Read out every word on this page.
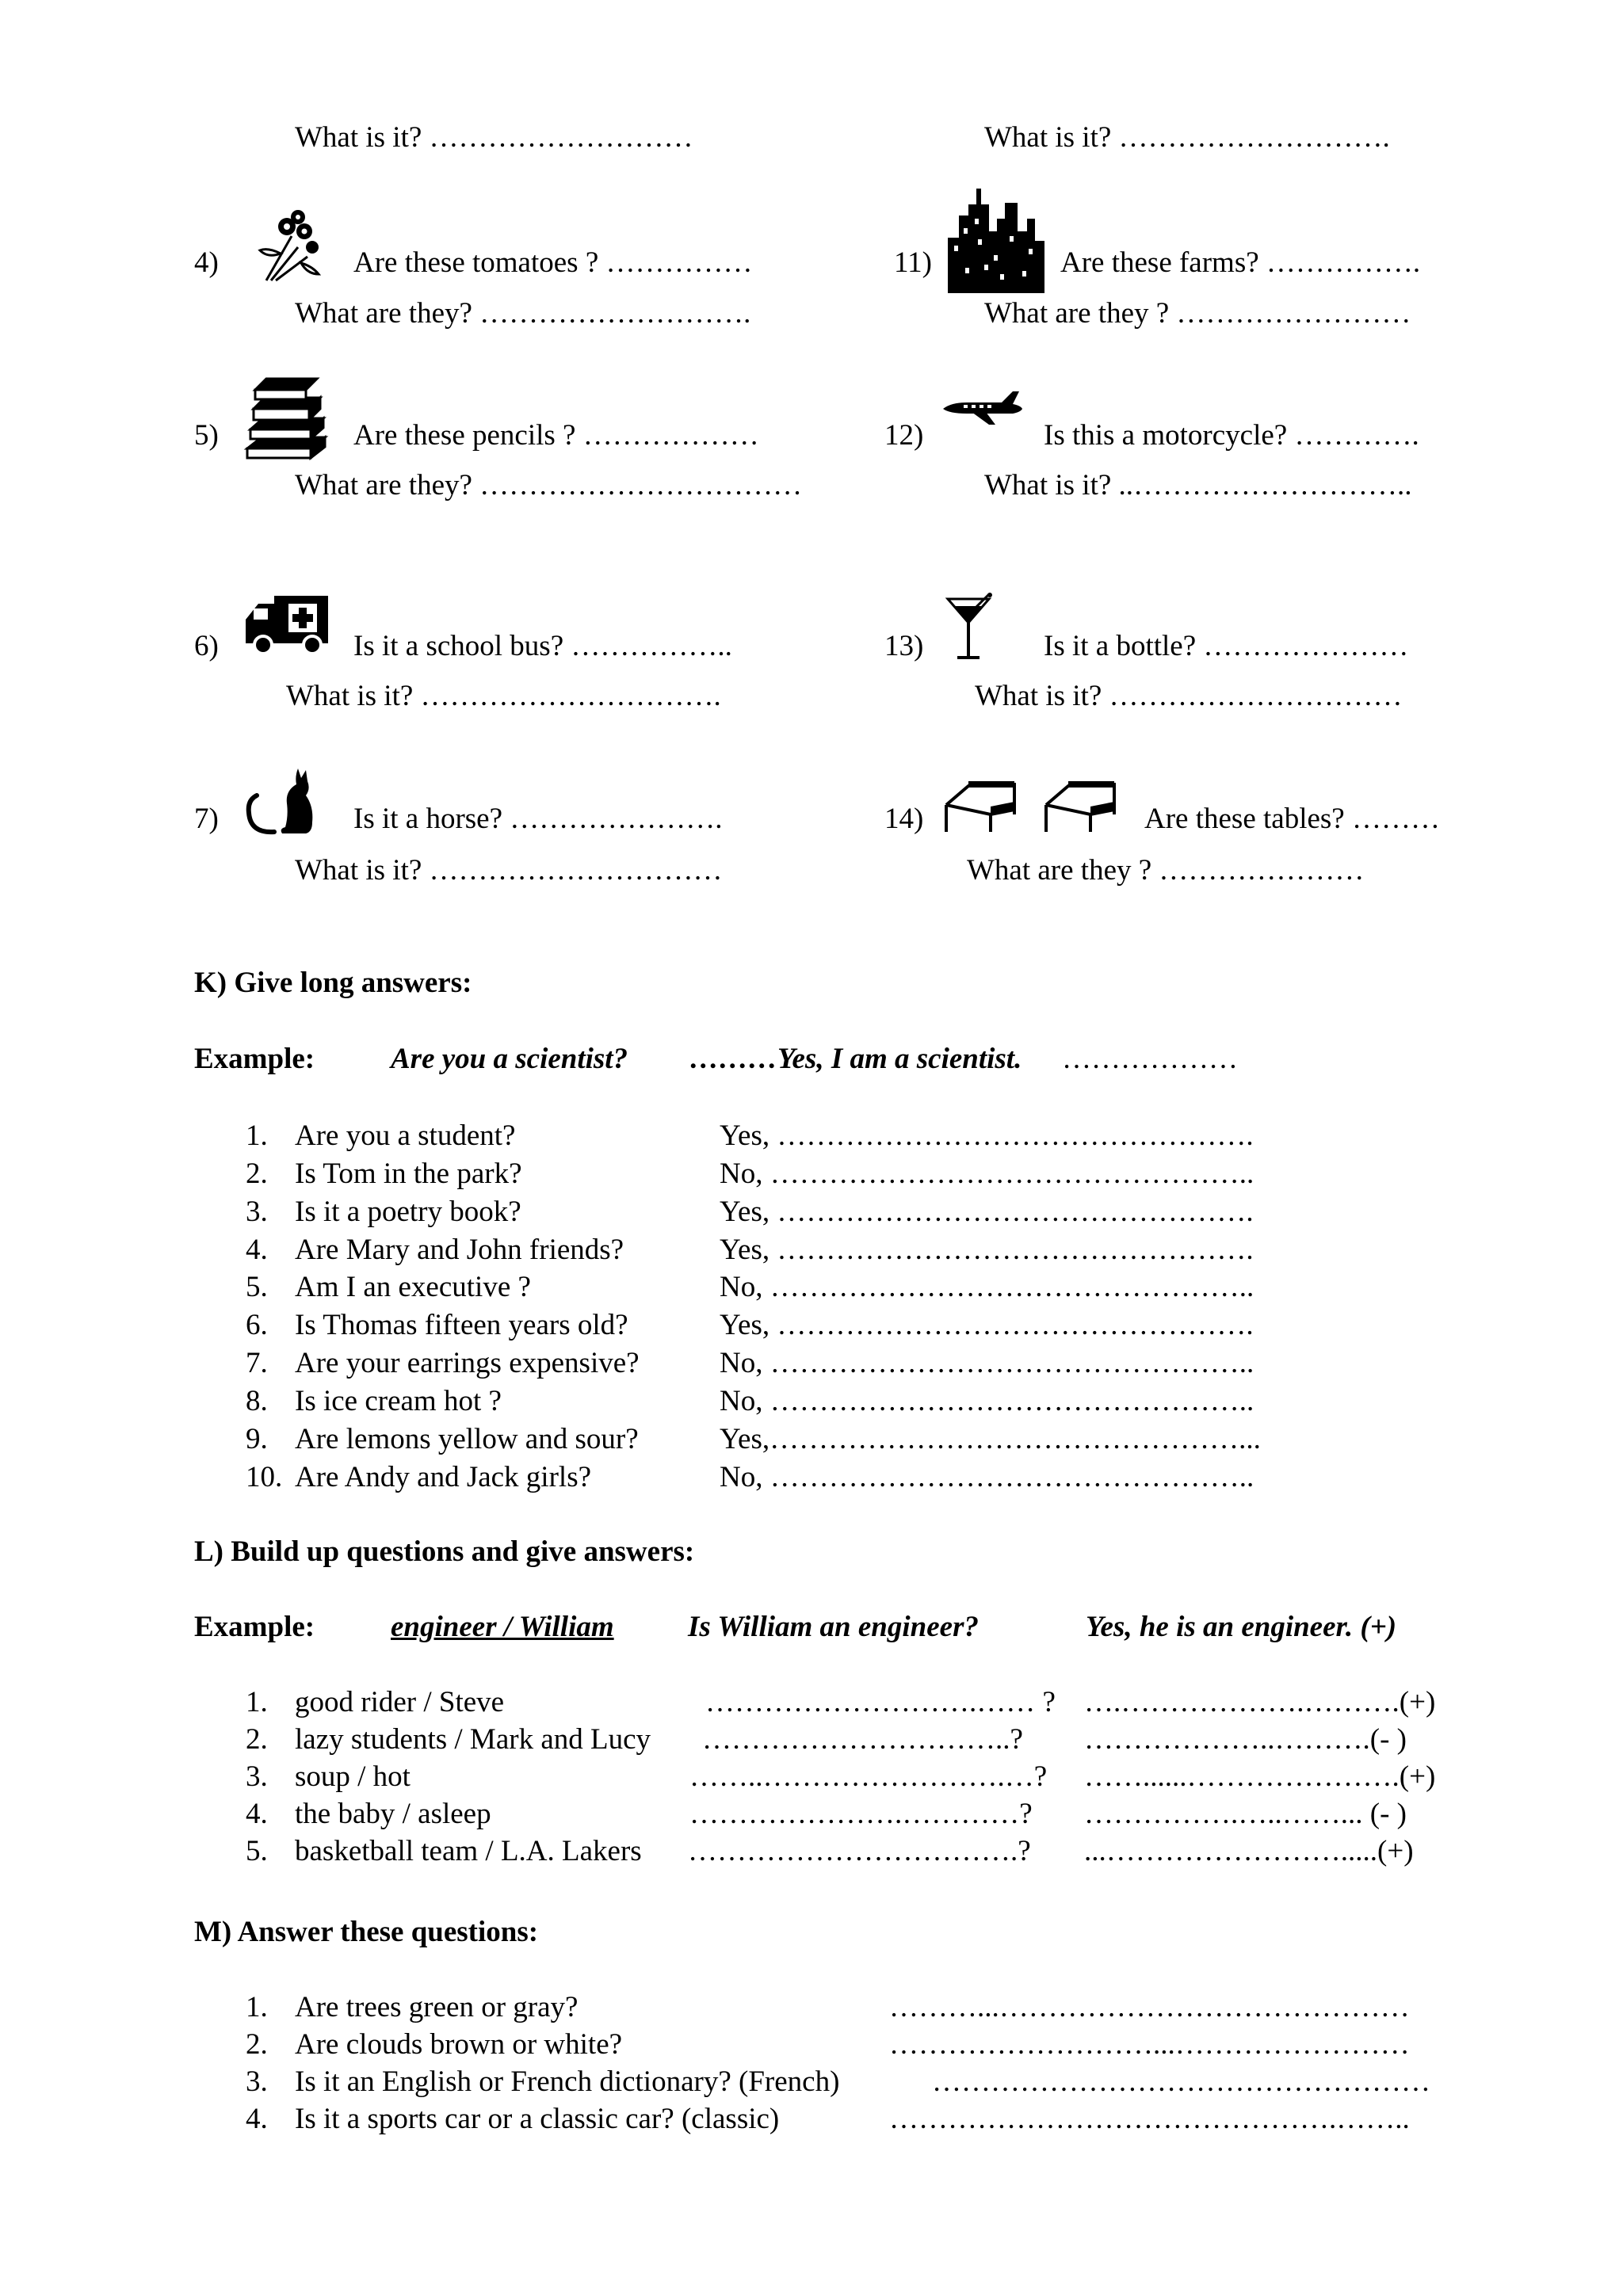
What is it? ………………………	What is it? ……………………….
4)	Are these tomatoes ? ……………
What are they? ……………………….
5)	Are these pencils ? ………………
What are they? ……………………………
6)	Is it a school bus? ……………..
What is it? ………………………….
7)	Is it a horse? ………………….
What is it? …………………………
11)	Are these farms? …………….
What are they ? ……………………
12)	Is this a motorcycle? ………….
What is it? ..………………………..
13)	Is it a bottle? …………………
What is it? …………………………
14)	Are these tables? ………
What are they ? …………………
K) Give long answers:
Example:	Are you a scientist? ………Yes, I am a scientist. ………………
1. Are you a student?	Yes, ………………………………………….
2. Is Tom in the park?	No, …………………………………………..
3. Is it a poetry book?	Yes, ………………………………………….
4. Are Mary and John friends?	Yes, ………………………………………….
5. Am I an executive ?	No, …………………………………………..
6. Is Thomas fifteen years old?	Yes, ………………………………………….
7. Are your earrings expensive?	No, …………………………………………..
8. Is ice cream hot ?	No, …………………………………………..
9. Are lemons yellow and sour?	Yes,…………………………………………...
10. Are Andy and Jack girls?	No, …………………………………………..
L) Build up questions and give answers:
Example:	engineer / William	Is William an engineer?	Yes, he is an engineer. (+)
1. good rider / Steve	……………………….…… ? ….……………….……….(+)
2. lazy students / Mark and Lucy …………………………..? ………………..……….(- )
3. soup / hot	……..…………………….…? ……......………………….(+)
4. the baby / asleep	………………….…………? …………….…..……... (- )
5. basketball team / L.A. Lakers …………………………….? ...…………………….....(+)
M) Answer these questions:
1. Are trees green or gray?	………...……………………………………
2. Are clouds brown or white?	………………………...……………………
3. Is it an English or French dictionary? (French)	……………………………………………
4. Is it a sports car or a classic car? (classic)	……………………………………….……..
